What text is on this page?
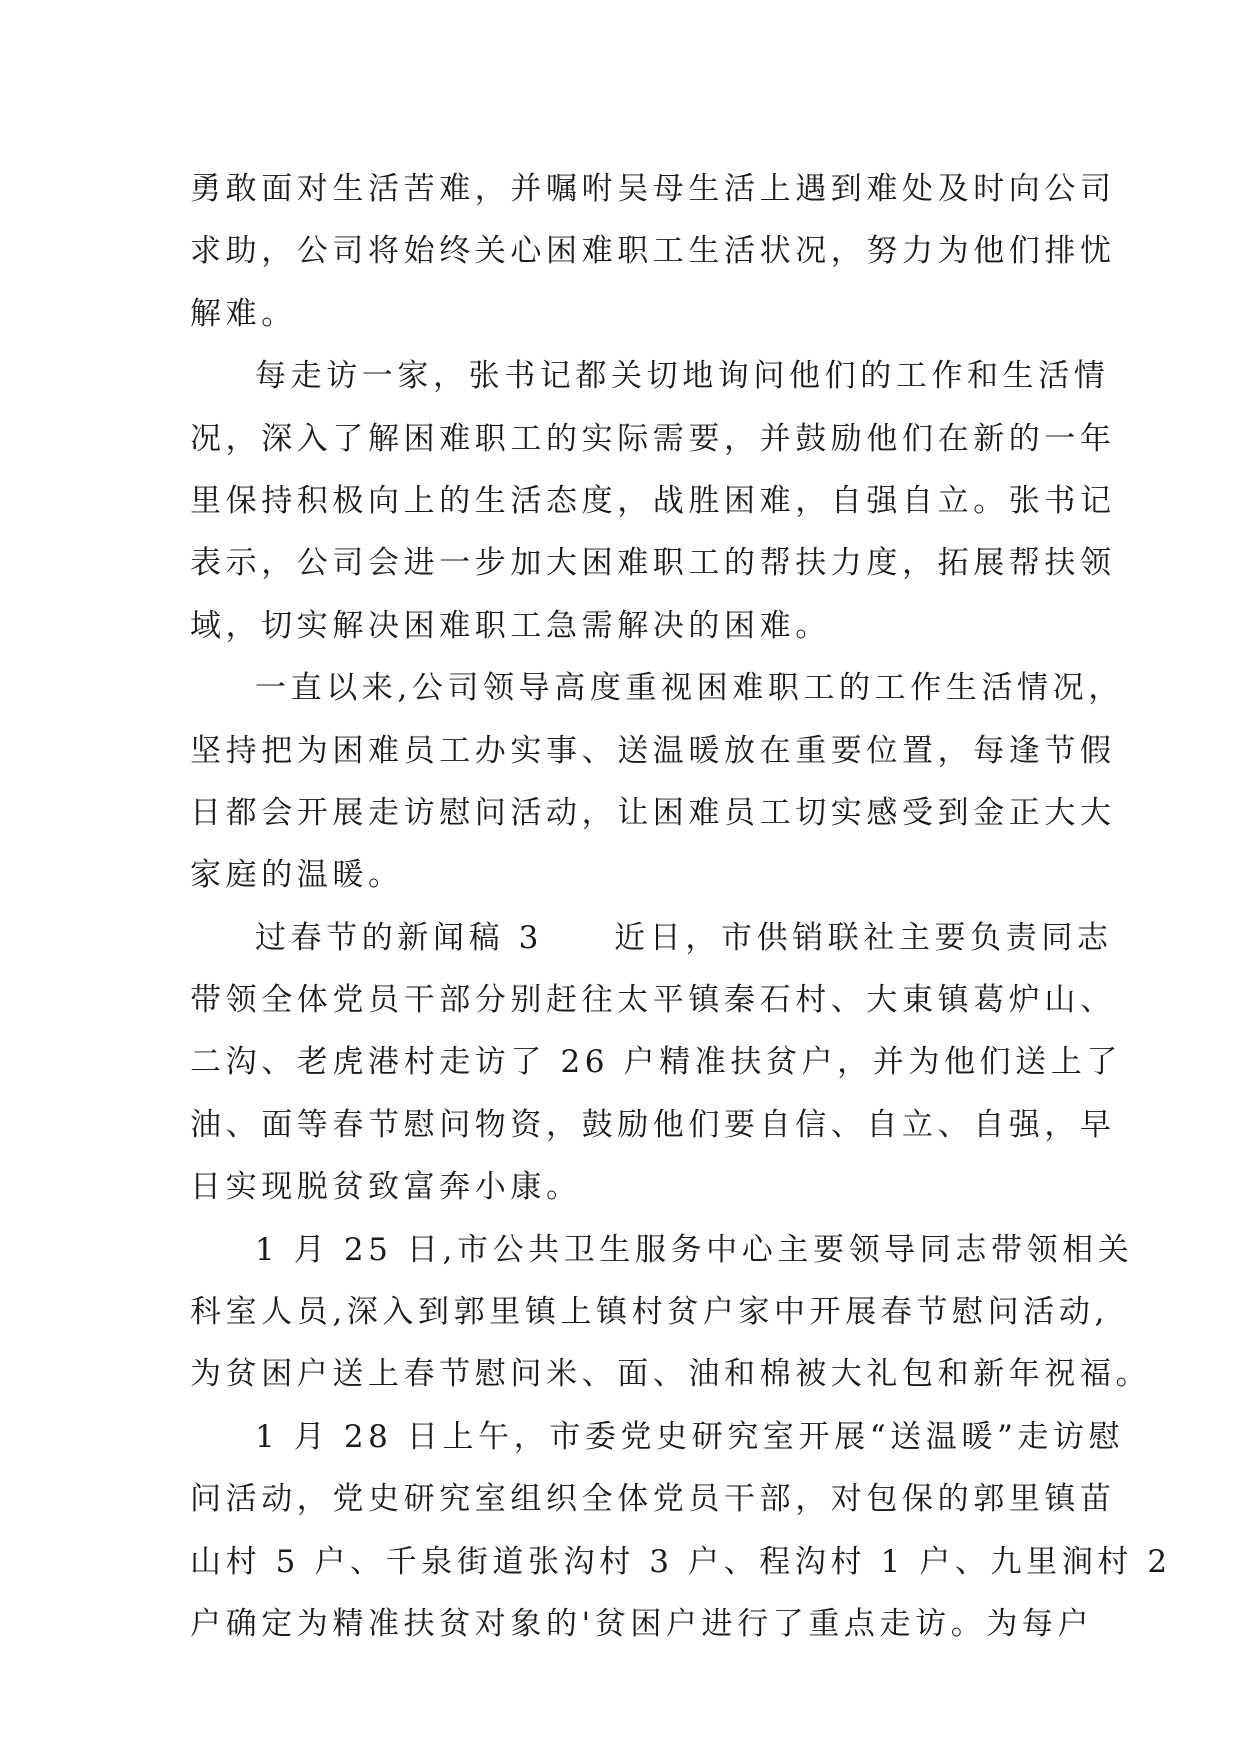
勇敢面对生活苦难，并嘱咐吴母生活上遇到难处及时向公司
求助，公司将始终关心困难职工生活状况，努力为他们排忧
解难。
每走访一家，张书记都关切地询问他们的工作和生活情
况，深入了解困难职工的实际需要，并鼓励他们在新的一年
里保持积极向上的生活态度，战胜困难，自强自立。张书记
表示，公司会进一步加大困难职工的帮扶力度，拓展帮扶领
域，切实解决困难职工急需解决的困难。
一直以来,公司领导高度重视困难职工的工作生活情况，
坚持把为困难员工办实事、送温暖放在重要位置，每逢节假
日都会开展走访慰问活动，让困难员工切实感受到金正大大
家庭的温暖。
过春节的新闻稿 3　　近日，市供销联社主要负责同志
带领全体党员干部分别赶往太平镇秦石村、大東镇葛炉山、
二沟、老虎港村走访了 26 户精准扶贫户，并为他们送上了
油、面等春节慰问物资，鼓励他们要自信、自立、自强，早
日实现脱贫致富奔小康。
1 月 25 日,市公共卫生服务中心主要领导同志带领相关
科室人员,深入到郭里镇上镇村贫户家中开展春节慰问活动,
为贫困户送上春节慰问米、面、油和棉被大礼包和新年祝福。
1 月 28 日上午，市委党史研究室开展“送温暖”走访慰
问活动，党史研究室组织全体党员干部，对包保的郭里镇苗
山村 5 户、千泉街道张沟村 3 户、程沟村 1 户、九里涧村 2
户确定为精准扶贫对象的'贫困户进行了重点走访。为每户
